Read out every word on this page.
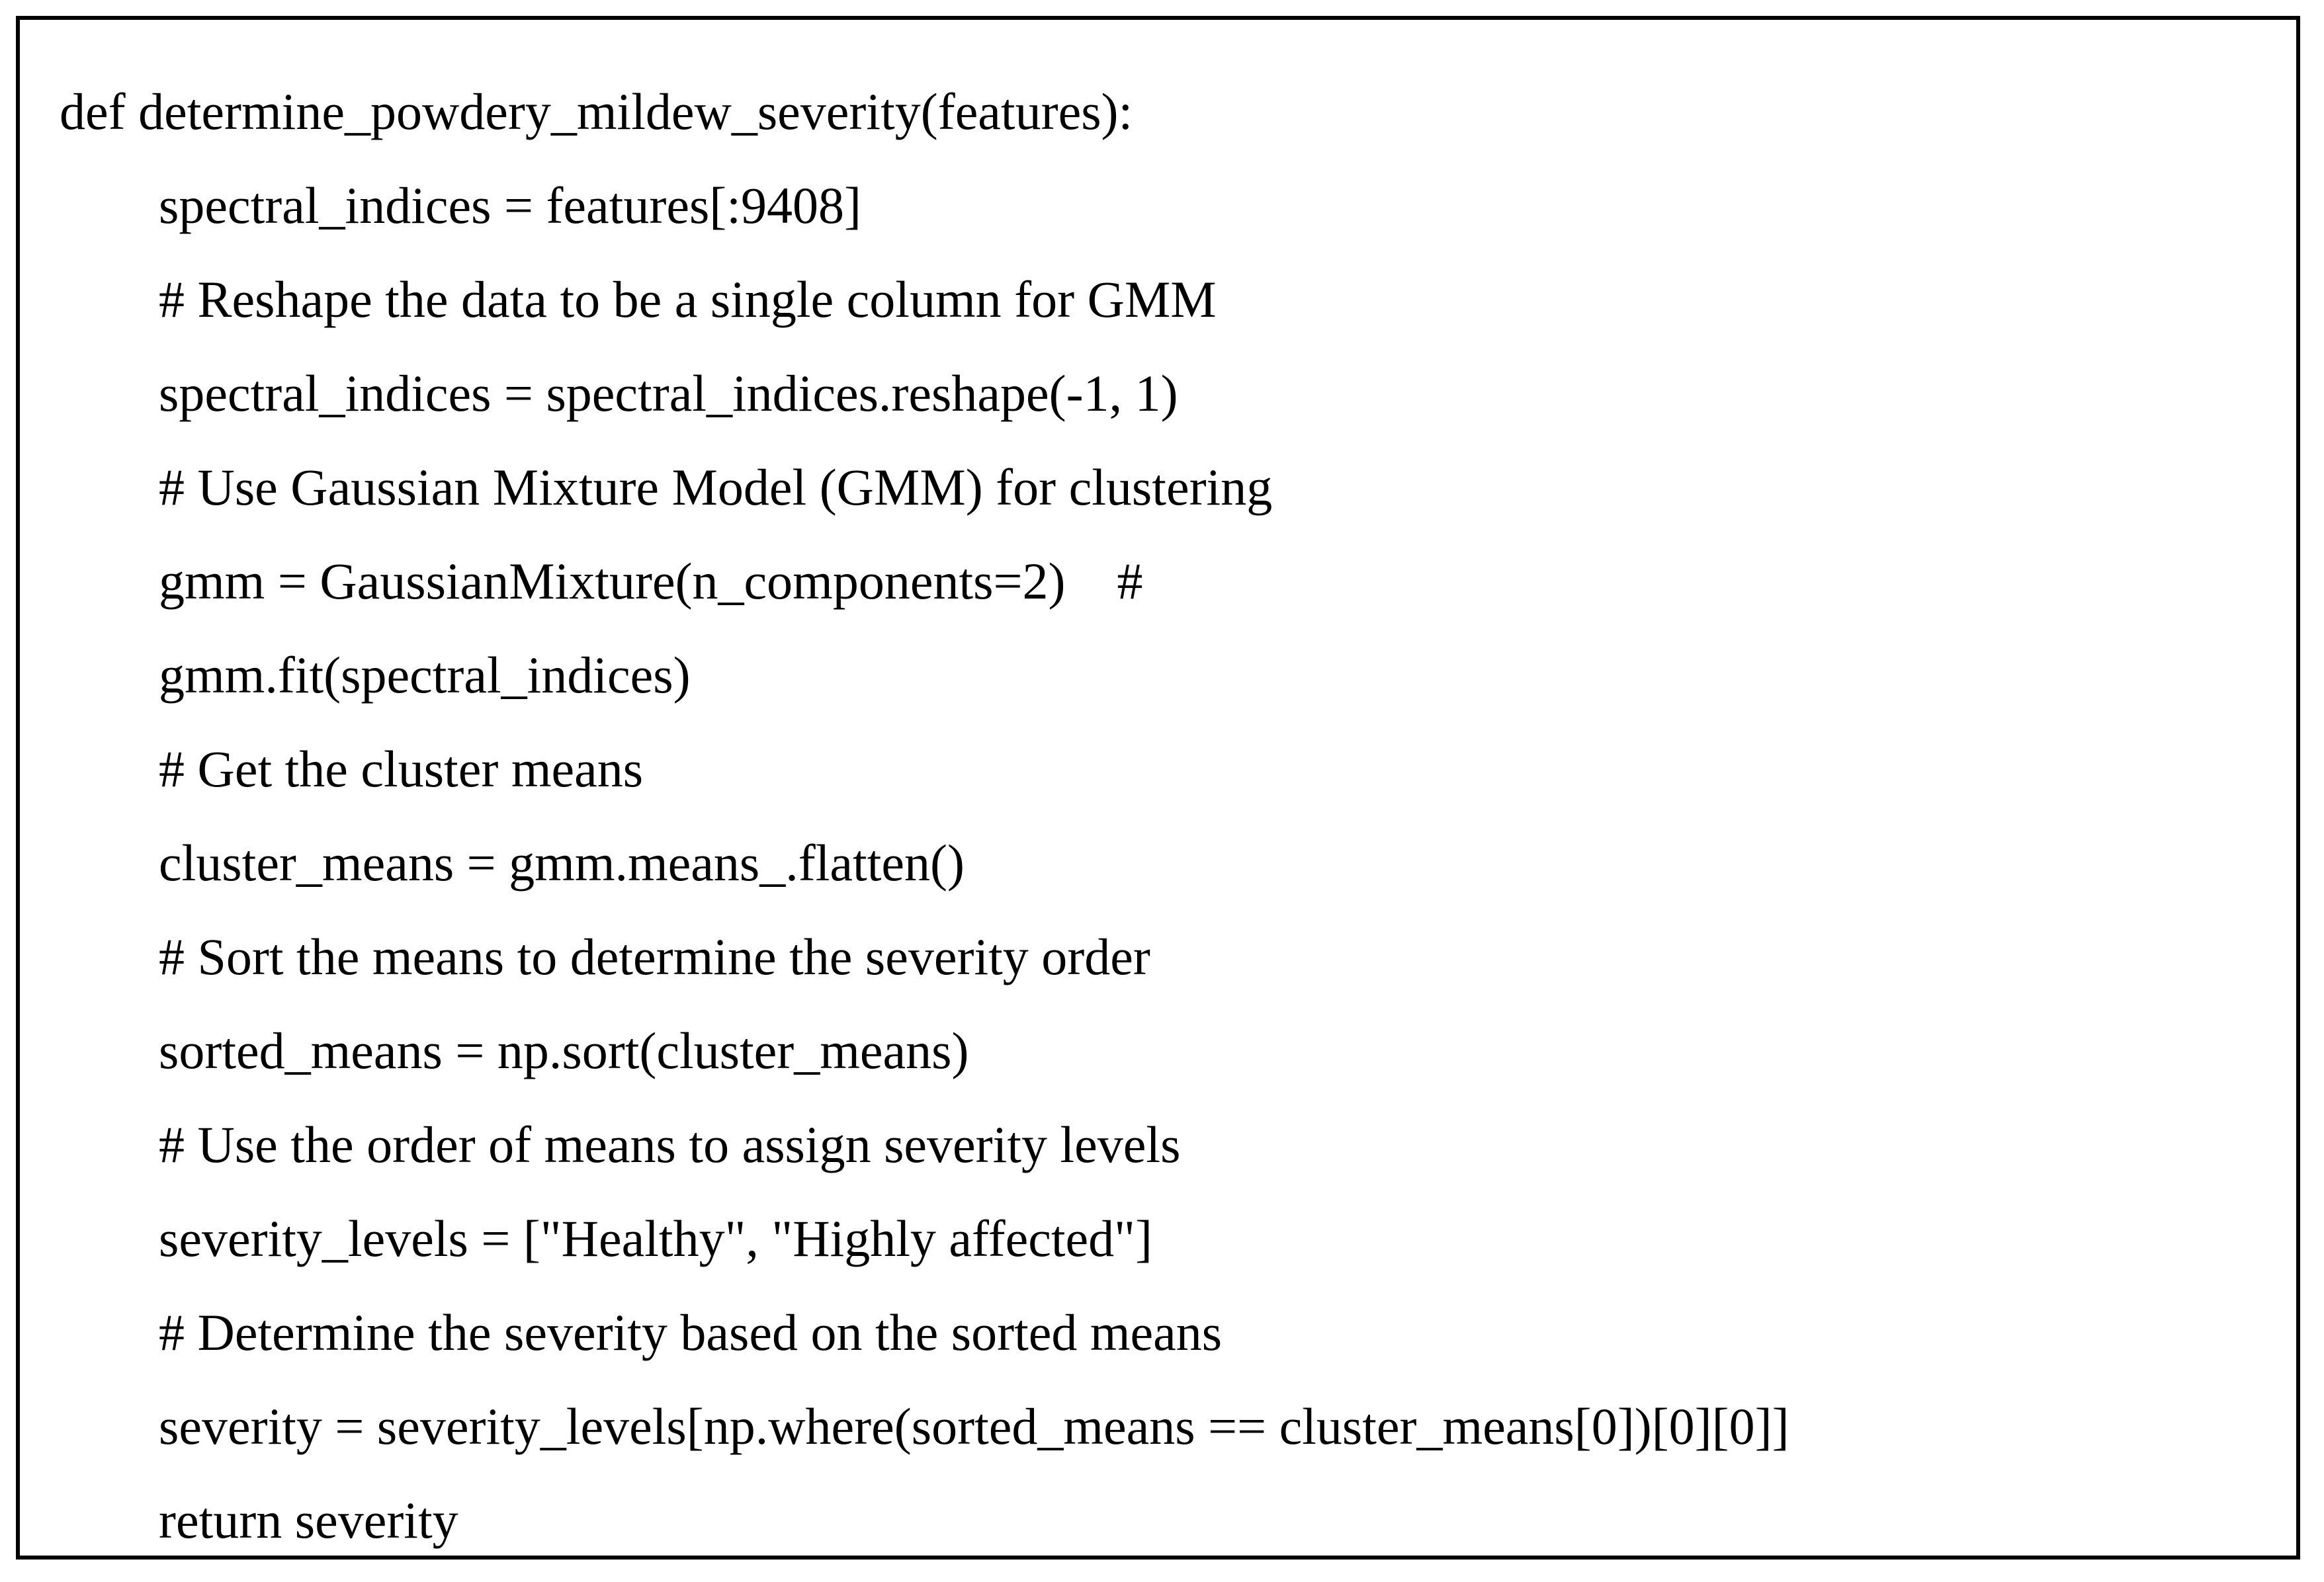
def determine_powdery_mildew_severity(features):
spectral_indices = features[:9408]
# Reshape the data to be a single column for GMM
spectral_indices = spectral_indices.reshape(-1, 1)
# Use Gaussian Mixture Model (GMM) for clustering
gmm = GaussianMixture(n_components=2)    #
gmm.fit(spectral_indices)
# Get the cluster means
cluster_means = gmm.means_.flatten()
# Sort the means to determine the severity order
sorted_means = np.sort(cluster_means)
# Use the order of means to assign severity levels
severity_levels = ["Healthy", "Highly affected"]
# Determine the severity based on the sorted means
severity = severity_levels[np.where(sorted_means == cluster_means[0])[0][0]]
return severity
